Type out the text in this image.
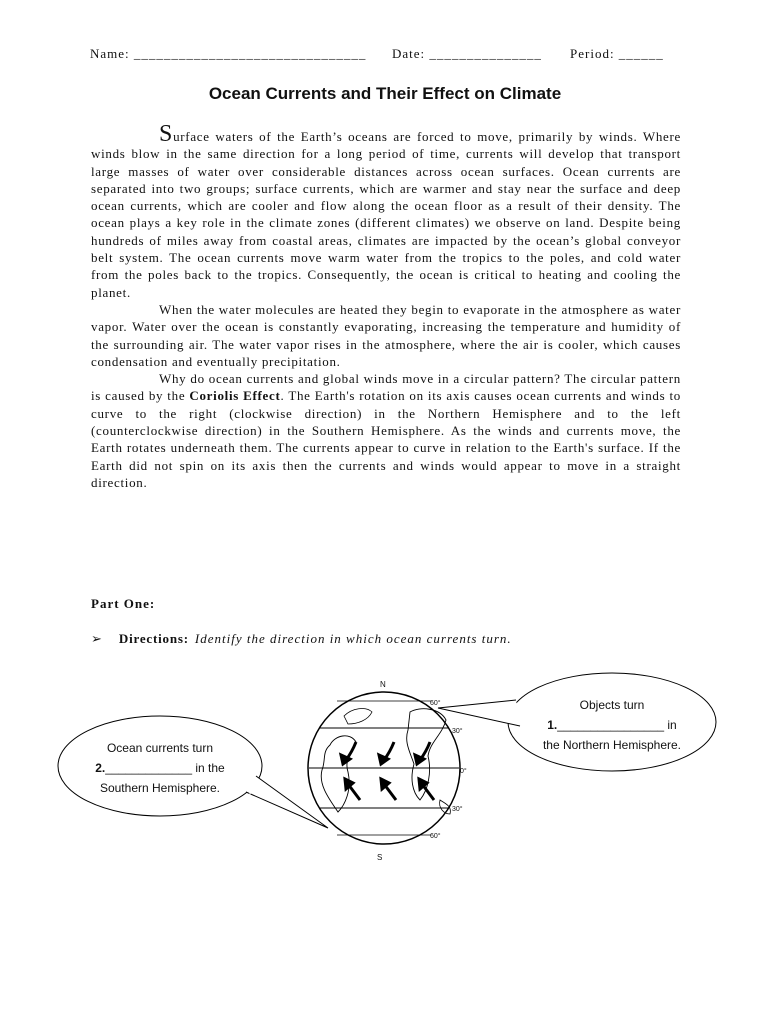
Name: _______________________________ Date: _______________ Period: ______
Ocean Currents and Their Effect on Climate

Surface waters of the Earth’s oceans are forced to move, primarily by winds. Where winds blow in the same direction for a long period of time, currents will develop that transport large masses of water over considerable distances across ocean surfaces. Ocean currents are separated into two groups; surface currents, which are warmer and stay near the surface and deep ocean currents, which are cooler and flow along the ocean floor as a result of their density. The ocean plays a key role in the climate zones (different climates) we observe on land. Despite being hundreds of miles away from coastal areas, climates are impacted by the ocean’s global conveyor belt system. The ocean currents move warm water from the tropics to the poles, and cold water from the poles back to the tropics. Consequently, the ocean is critical to heating and cooling the planet.

When the water molecules are heated they begin to evaporate in the atmosphere as water vapor. Water over the ocean is constantly evaporating, increasing the temperature and humidity of the surrounding air. The water vapor rises in the atmosphere, where the air is cooler, which causes condensation and eventually precipitation.

Why do ocean currents and global winds move in a circular pattern? The circular pattern is caused by the Coriolis Effect. The Earth's rotation on its axis causes ocean currents and winds to curve to the right (clockwise direction) in the Northern Hemisphere and to the left (counterclockwise direction) in the Southern Hemisphere. As the winds and currents move, the Earth rotates underneath them. The currents appear to curve in relation to the Earth's surface. If the Earth did not spin on its axis then the currents and winds would appear to move in a straight direction.

Part One:
➢ Directions: Identify the direction in which ocean currents turn.
N
S
60°
30°
0°
30°
60°
Ocean currents turn
2._____________ in the
Southern Hemisphere.
Objects turn
1.________________ in
the Northern Hemisphere.
